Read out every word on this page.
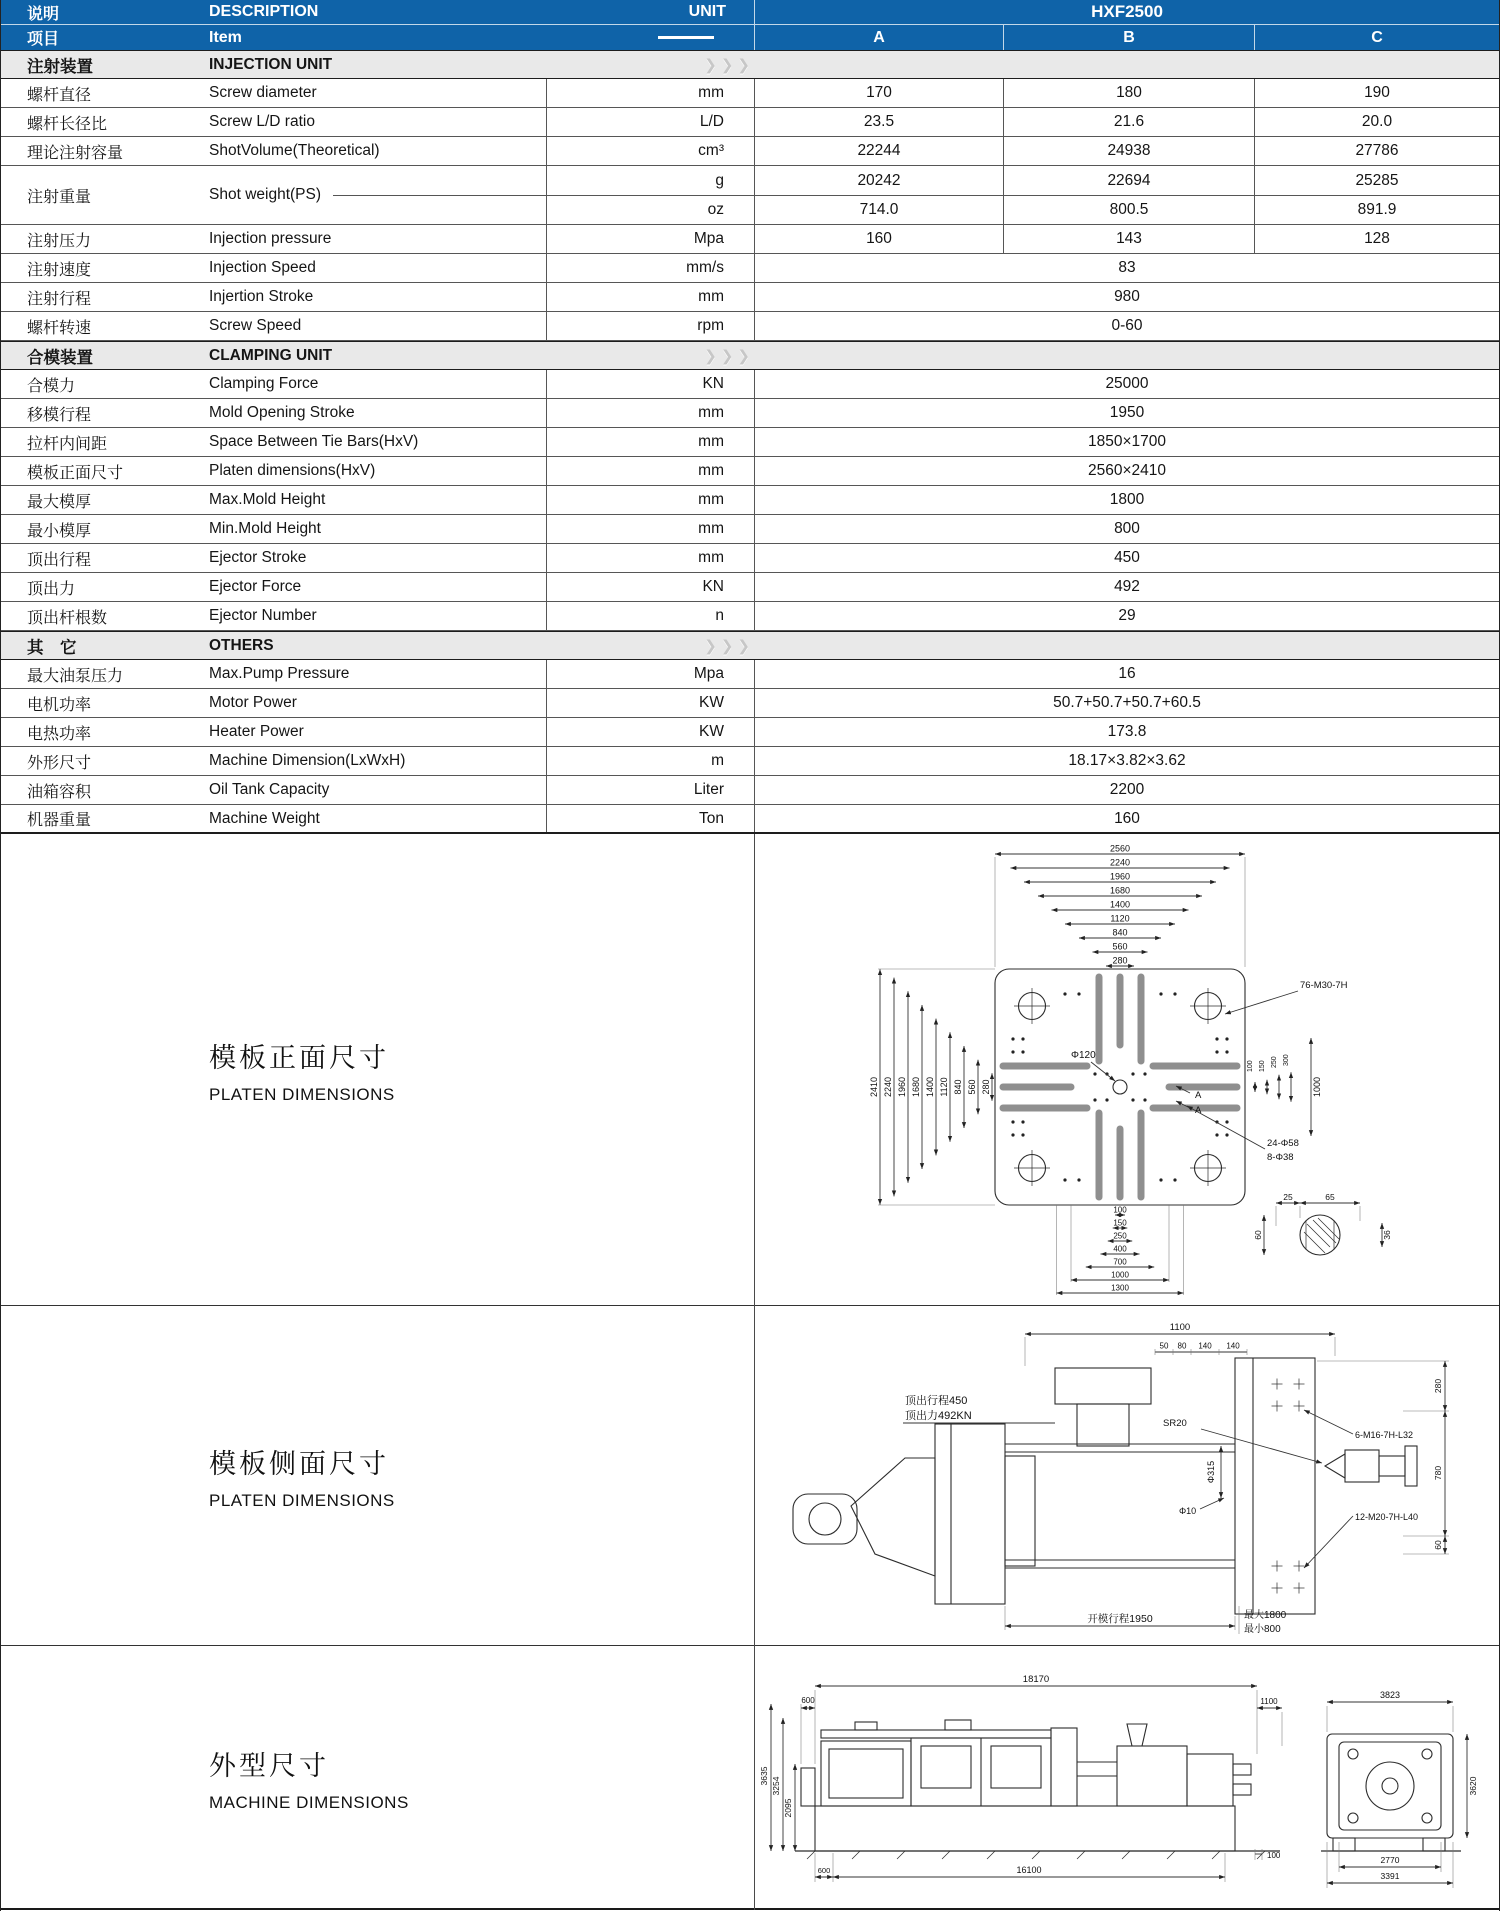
说明	DESCRIPTION	UNIT	HXF2500
项目	Item	A	B	C
注射装置	INJECTION UNIT	❯ ❯ ❯
螺杆直径	Screw diameter	mm	170	180	190
螺杆长径比	Screw L/D ratio	L/D	23.5	21.6	20.0
理论注射容量	ShotVolume(Theoretical)	cm³	22244	24938	27786
注射重量	Shot weight(PS)
g	20242	22694	25285
oz	714.0	800.5	891.9
注射压力	Injection pressure	Mpa	160	143	128
注射速度	Injection Speed	mm/s	83
注射行程	Injertion Stroke	mm	980
螺杆转速	Screw Speed	rpm	0-60
合模装置	CLAMPING UNIT	❯ ❯ ❯
合模力	Clamping Force	KN	25000
移模行程	Mold Opening Stroke	mm	1950
拉杆内间距	Space Between Tie Bars(HxV)	mm	1850×1700
模板正面尺寸	Platen dimensions(HxV)	mm	2560×2410
最大模厚	Max.Mold Height	mm	1800
最小模厚	Min.Mold Height	mm	800
顶出行程	Ejector Stroke	mm	450
顶出力	Ejector Force	KN	492
顶出杆根数	Ejector Number	n	29
其　它	OTHERS	❯ ❯ ❯
最大油泵压力	Max.Pump Pressure	Mpa	16
电机功率	Motor Power	KW	50.7+50.7+50.7+60.5
电热功率	Heater Power	KW	173.8
外形尺寸	Machine Dimension(LxWxH)	m	18.17×3.82×3.62
油箱容积	Oil Tank Capacity	Liter	2200
机器重量	Machine Weight	Ton	160
模板正面尺寸
PLATEN DIMENSIONS
2560
2240
1960
1680
1400
1120
840
560
280
2410 2240 1960 1680 1400 1120 840 560 280
100
150
250
400
700
1000
1300
100 150 250 300
1000
Φ120
76-M30-7H
24-Φ58
8-Φ38
A
A
65
25
60	36
模板侧面尺寸
PLATEN DIMENSIONS
1100
50 80 140 140
280
780
60
SR20
Φ315
Φ10
顶出行程450
顶出力492KN
6-M16-7H-L32
12-M20-7H-L40
开模行程1950	最大1800
最小800
外型尺寸
MACHINE DIMENSIONS
600
18170
1100
100
3635
3254
2095
600	16100
3823
3620
2770
3391
